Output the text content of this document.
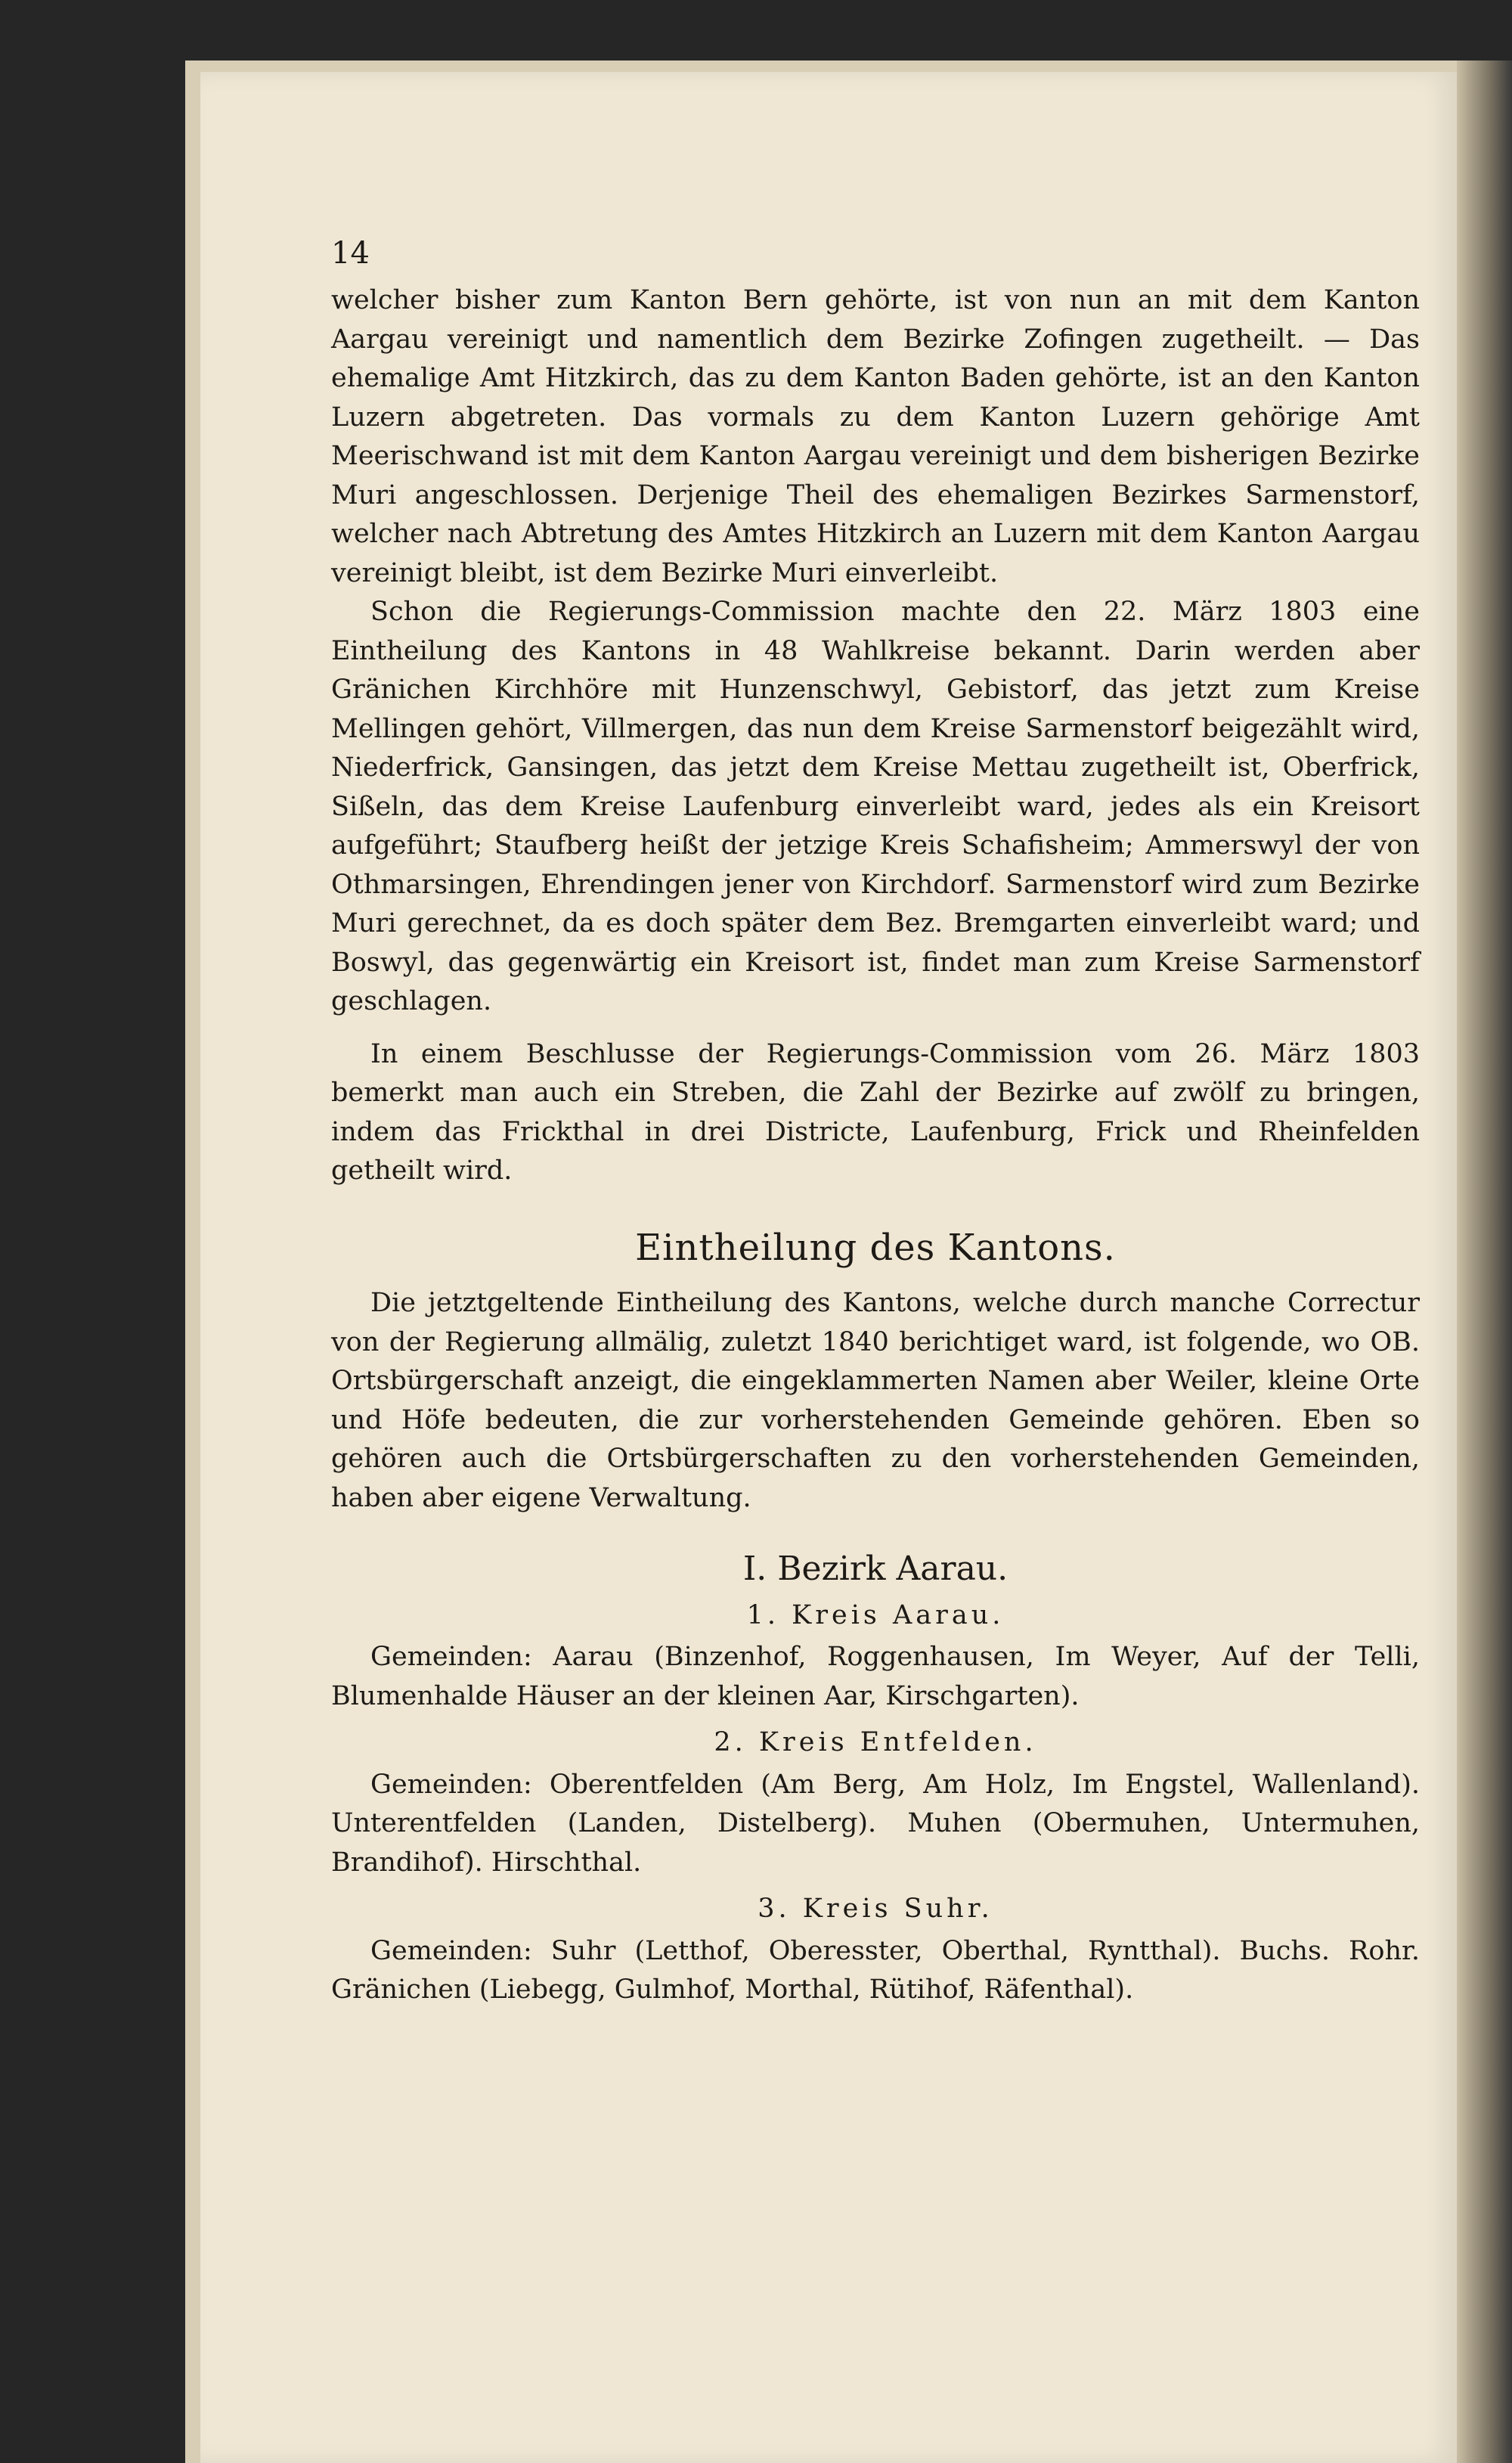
14

welcher bisher zum Kanton Bern gehörte, ist von nun an mit dem Kanton Aargau vereinigt und namentlich dem Bezirke Zofingen zugetheilt. — Das ehemalige Amt Hitzkirch, das zu dem Kanton Baden gehörte, ist an den Kanton Luzern abgetreten. Das vormals zu dem Kanton Luzern gehörige Amt Meerischwand ist mit dem Kanton Aargau vereinigt und dem bisherigen Bezirke Muri angeschlossen. Derjenige Theil des ehemaligen Bezirkes Sarmenstorf, welcher nach Abtretung des Amtes Hitzkirch an Luzern mit dem Kanton Aargau vereinigt bleibt, ist dem Bezirke Muri einverleibt.

Schon die Regierungs-Commission machte den 22. März 1803 eine Eintheilung des Kantons in 48 Wahlkreise bekannt. Darin werden aber Gränichen Kirchhöre mit Hunzenschwyl, Gebistorf, das jetzt zum Kreise Mellingen gehört, Villmergen, das nun dem Kreise Sarmenstorf beigezählt wird, Niederfrick, Gansingen, das jetzt dem Kreise Mettau zugetheilt ist, Oberfrick, Sißeln, das dem Kreise Laufenburg einverleibt ward, jedes als ein Kreisort aufgeführt; Staufberg heißt der jetzige Kreis Schafisheim; Ammerswyl der von Othmarsingen, Ehrendingen jener von Kirchdorf. Sarmenstorf wird zum Bezirke Muri gerechnet, da es doch später dem Bez. Bremgarten einverleibt ward; und Boswyl, das gegenwärtig ein Kreisort ist, findet man zum Kreise Sarmenstorf geschlagen.

In einem Beschlusse der Regierungs-Commission vom 26. März 1803 bemerkt man auch ein Streben, die Zahl der Bezirke auf zwölf zu bringen, indem das Frickthal in drei Districte, Laufenburg, Frick und Rheinfelden getheilt wird.

Eintheilung des Kantons.

Die jetztgeltende Eintheilung des Kantons, welche durch manche Correctur von der Regierung allmälig, zuletzt 1840 berichtiget ward, ist folgende, wo OB. Ortsbürgerschaft anzeigt, die eingeklammerten Namen aber Weiler, kleine Orte und Höfe bedeuten, die zur vorherstehenden Gemeinde gehören. Eben so gehören auch die Ortsbürgerschaften zu den vorherstehenden Gemeinden, haben aber eigene Verwaltung.

I. Bezirk Aarau.
1. Kreis Aarau.

Gemeinden: Aarau (Binzenhof, Roggenhausen, Im Weyer, Auf der Telli, Blumenhalde Häuser an der kleinen Aar, Kirschgarten).

2. Kreis Entfelden.

Gemeinden: Oberentfelden (Am Berg, Am Holz, Im Engstel, Wallenland). Unterentfelden (Landen, Distelberg). Muhen (Obermuhen, Untermuhen, Brandihof). Hirschthal.

3. Kreis Suhr.

Gemeinden: Suhr (Letthof, Oberesster, Oberthal, Ryntthal). Buchs. Rohr. Gränichen (Liebegg, Gulmhof, Morthal, Rütihof, Räfenthal).
